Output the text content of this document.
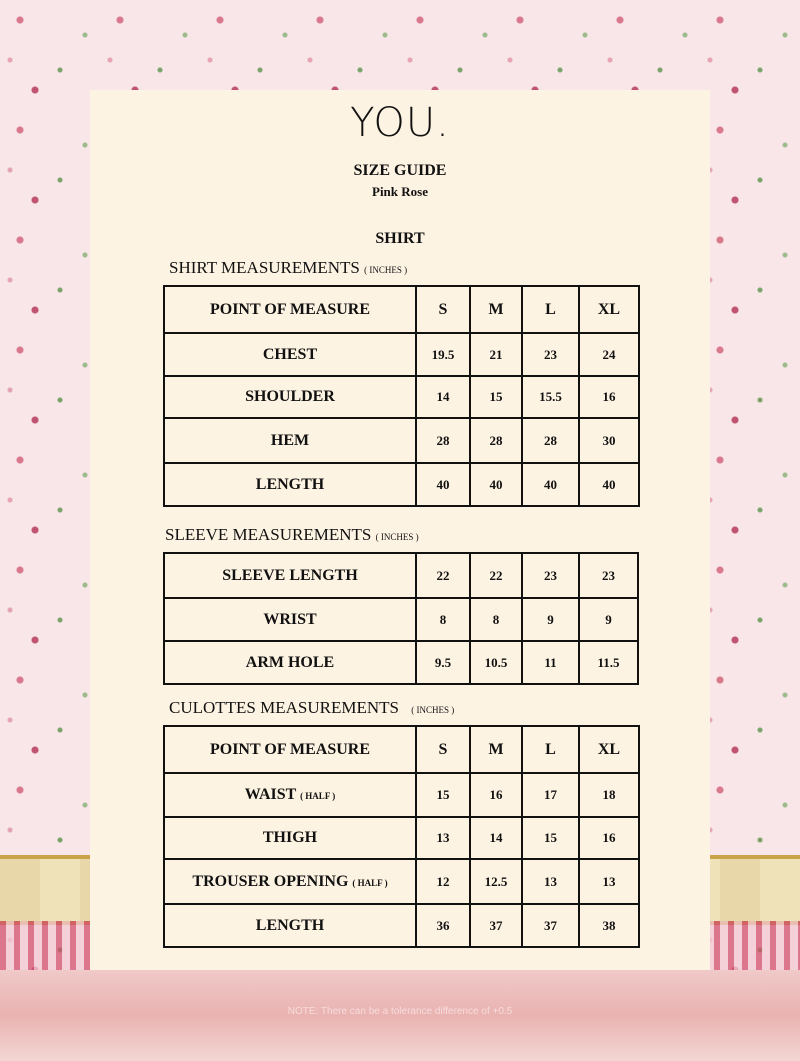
NOTE: There can be a tolerance difference of +0.5
YOU.
SIZE GUIDE
Pink Rose
SHIRT
SHIRT MEASUREMENTS ( INCHES )
POINT OF MEASURE	S	M	L	XL
CHEST	19.5	21	23	24
SHOULDER	14	15	15.5	16
HEM	28	28	28	30
LENGTH	40	40	40	40
SLEEVE MEASUREMENTS ( INCHES )
SLEEVE LENGTH	22	22	23	23
WRIST	8	8	9	9
ARM HOLE	9.5	10.5	11	11.5
CULOTTES MEASUREMENTS ( INCHES )
POINT OF MEASURE	S	M	L	XL
WAIST ( HALF )	15	16	17	18
THIGH	13	14	15	16
TROUSER OPENING ( HALF )	12	12.5	13	13
LENGTH	36	37	37	38
